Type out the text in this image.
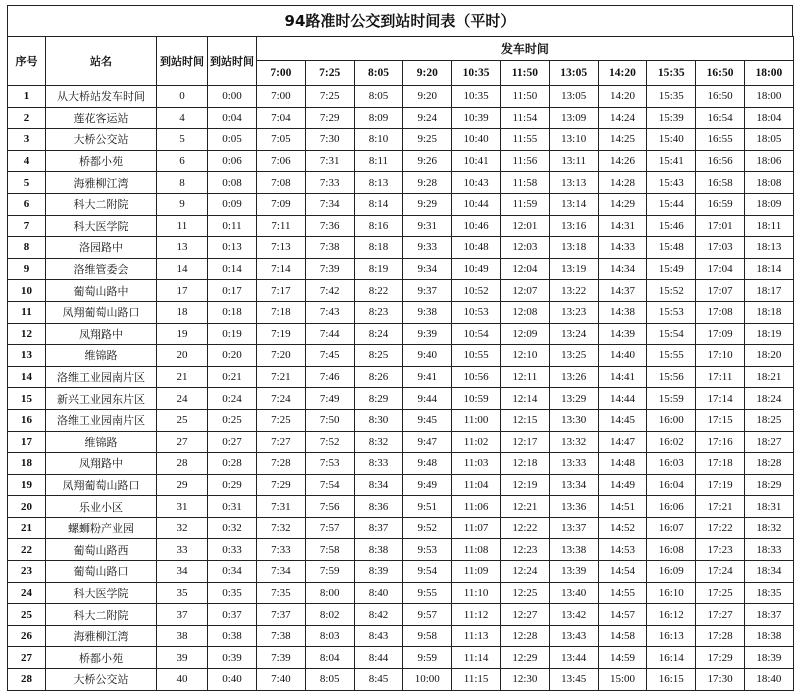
94路准时公交到站时间表（平时）
序号	站名	到站时间	到站时间	发车时间										
				7:00	7:25	8:05	9:20	10:35	11:50	13:05	14:20	15:35	16:50	18:00
1	从大桥站发车时间	0	0:00	7:00	7:25	8:05	9:20	10:35	11:50	13:05	14:20	15:35	16:50	18:00
2	莲花客运站	4	0:04	7:04	7:29	8:09	9:24	10:39	11:54	13:09	14:24	15:39	16:54	18:04
3	大桥公交站	5	0:05	7:05	7:30	8:10	9:25	10:40	11:55	13:10	14:25	15:40	16:55	18:05
4	桥都小苑	6	0:06	7:06	7:31	8:11	9:26	10:41	11:56	13:11	14:26	15:41	16:56	18:06
5	海雅柳江湾	8	0:08	7:08	7:33	8:13	9:28	10:43	11:58	13:13	14:28	15:43	16:58	18:08
6	科大二附院	9	0:09	7:09	7:34	8:14	9:29	10:44	11:59	13:14	14:29	15:44	16:59	18:09
7	科大医学院	11	0:11	7:11	7:36	8:16	9:31	10:46	12:01	13:16	14:31	15:46	17:01	18:11
8	洛园路中	13	0:13	7:13	7:38	8:18	9:33	10:48	12:03	13:18	14:33	15:48	17:03	18:13
9	洛维管委会	14	0:14	7:14	7:39	8:19	9:34	10:49	12:04	13:19	14:34	15:49	17:04	18:14
10	葡萄山路中	17	0:17	7:17	7:42	8:22	9:37	10:52	12:07	13:22	14:37	15:52	17:07	18:17
11	凤翔葡萄山路口	18	0:18	7:18	7:43	8:23	9:38	10:53	12:08	13:23	14:38	15:53	17:08	18:18
12	凤翔路中	19	0:19	7:19	7:44	8:24	9:39	10:54	12:09	13:24	14:39	15:54	17:09	18:19
13	维锦路	20	0:20	7:20	7:45	8:25	9:40	10:55	12:10	13:25	14:40	15:55	17:10	18:20
14	洛维工业园南片区	21	0:21	7:21	7:46	8:26	9:41	10:56	12:11	13:26	14:41	15:56	17:11	18:21
15	新兴工业园东片区	24	0:24	7:24	7:49	8:29	9:44	10:59	12:14	13:29	14:44	15:59	17:14	18:24
16	洛维工业园南片区	25	0:25	7:25	7:50	8:30	9:45	11:00	12:15	13:30	14:45	16:00	17:15	18:25
17	维锦路	27	0:27	7:27	7:52	8:32	9:47	11:02	12:17	13:32	14:47	16:02	17:16	18:27
18	凤翔路中	28	0:28	7:28	7:53	8:33	9:48	11:03	12:18	13:33	14:48	16:03	17:18	18:28
19	凤翔葡萄山路口	29	0:29	7:29	7:54	8:34	9:49	11:04	12:19	13:34	14:49	16:04	17:19	18:29
20	乐业小区	31	0:31	7:31	7:56	8:36	9:51	11:06	12:21	13:36	14:51	16:06	17:21	18:31
21	螺蛳粉产业园	32	0:32	7:32	7:57	8:37	9:52	11:07	12:22	13:37	14:52	16:07	17:22	18:32
22	葡萄山路西	33	0:33	7:33	7:58	8:38	9:53	11:08	12:23	13:38	14:53	16:08	17:23	18:33
23	葡萄山路口	34	0:34	7:34	7:59	8:39	9:54	11:09	12:24	13:39	14:54	16:09	17:24	18:34
24	科大医学院	35	0:35	7:35	8:00	8:40	9:55	11:10	12:25	13:40	14:55	16:10	17:25	18:35
25	科大二附院	37	0:37	7:37	8:02	8:42	9:57	11:12	12:27	13:42	14:57	16:12	17:27	18:37
26	海雅柳江湾	38	0:38	7:38	8:03	8:43	9:58	11:13	12:28	13:43	14:58	16:13	17:28	18:38
27	桥都小苑	39	0:39	7:39	8:04	8:44	9:59	11:14	12:29	13:44	14:59	16:14	17:29	18:39
28	大桥公交站	40	0:40	7:40	8:05	8:45	10:00	11:15	12:30	13:45	15:00	16:15	17:30	18:40
